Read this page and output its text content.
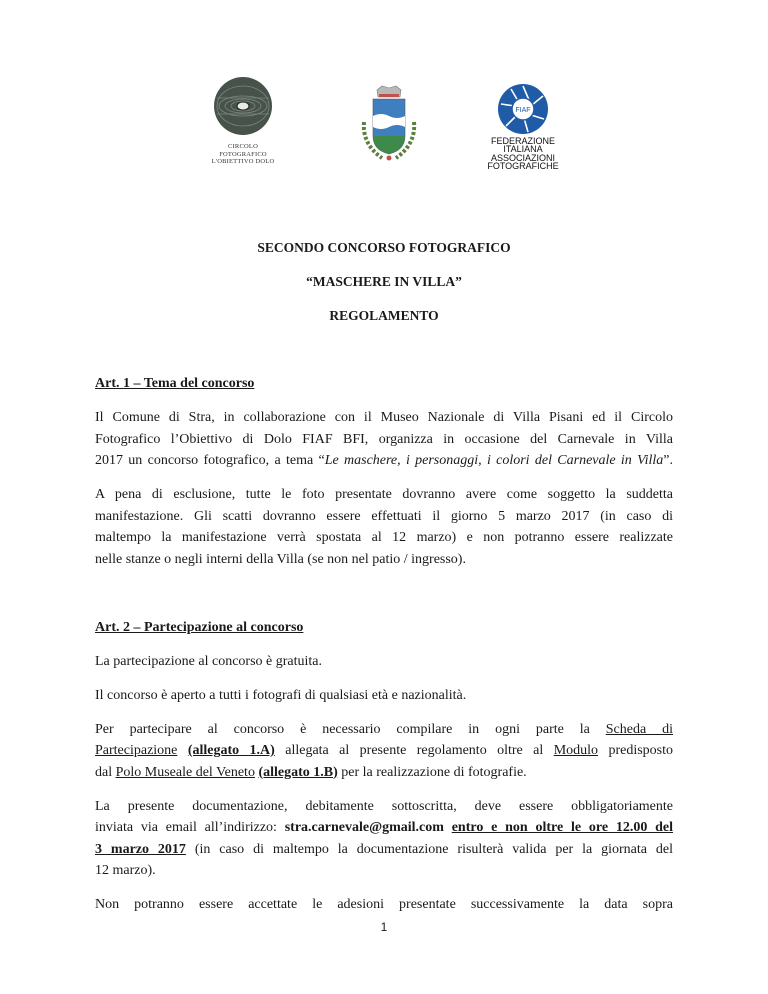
CIRCOLO
FOTOGRAFICO
L'OBIETTIVO DOLO
FIAF
FEDERAZIONE
ITALIANA
ASSOCIAZIONI
FOTOGRAFICHE
SECONDO CONCORSO FOTOGRAFICO
“MASCHERE IN VILLA”
REGOLAMENTO
Art. 1 – Tema del concorso
Il Comune di Stra, in collaborazione con il Museo Nazionale di Villa Pisani ed il Circolo
Fotografico l’Obiettivo di Dolo FIAF BFI, organizza in occasione del Carnevale in Villa
2017 un concorso fotografico, a tema “Le maschere, i personaggi, i colori del Carnevale in Villa”.
A pena di esclusione, tutte le foto presentate dovranno avere come soggetto la suddetta
manifestazione. Gli scatti dovranno essere effettuati il giorno 5 marzo 2017 (in caso di
maltempo la manifestazione verrà spostata al 12 marzo) e non potranno essere realizzate
nelle stanze o negli interni della Villa (se non nel patio / ingresso).
Art. 2 – Partecipazione al concorso
La partecipazione al concorso è gratuita.
Il concorso è aperto a tutti i fotografi di qualsiasi età e nazionalità.
Per partecipare al concorso è necessario compilare in ogni parte la Scheda di
Partecipazione (allegato 1.A) allegata al presente regolamento oltre al Modulo predisposto
dal Polo Museale del Veneto (allegato 1.B) per la realizzazione di fotografie.
La presente documentazione, debitamente sottoscritta, deve essere obbligatoriamente
inviata via email all’indirizzo: stra.carnevale@gmail.com entro e non oltre le ore 12.00 del
3 marzo 2017 (in caso di maltempo la documentazione risulterà valida per la giornata del
12 marzo).
Non potranno essere accettate le adesioni presentate successivamente la data sopra
1
